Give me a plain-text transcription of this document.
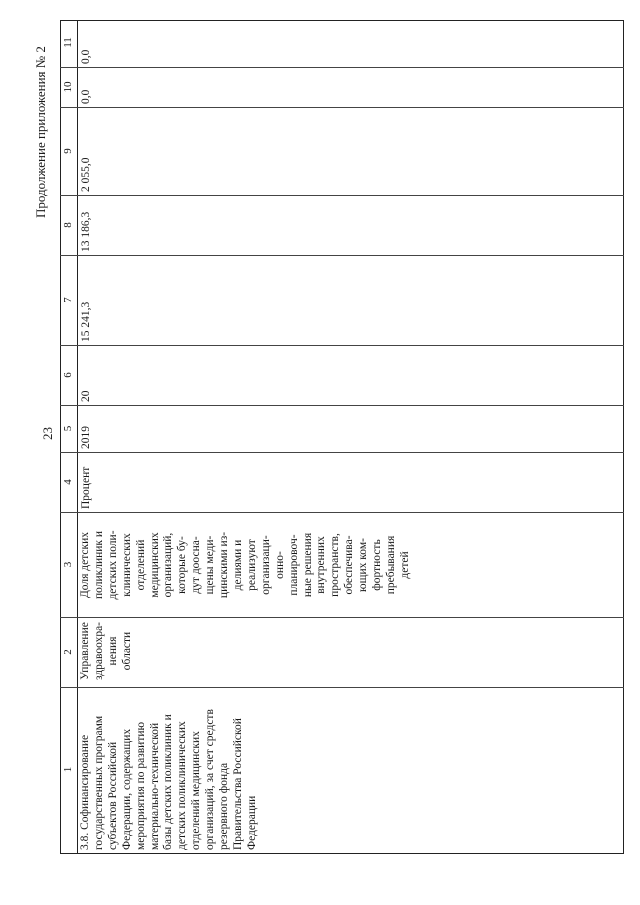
23
Продолжение приложения № 2
11
10
9
8
7
6
5
4
3
2
1
0,0
0,0
2 055,0
13 186,3
15 241,3
20
2019
Процент
Доля детских
поликлиник и
детских поли-
клинических
отделений
медицинских
организаций,
которые бу-
дут доосна-
щены меди-
цинскими из-
делиями и
реализуют
организаци-
онно-
планировоч-
ные решения
внутренних
пространств,
обеспечива-
ющих ком-
фортность
пребывания
детей
Управление
здравоохра-
нения
области
3.8. Софинансирование
государственных программ
субъектов Российской
Федерации, содержащих
мероприятия по развитию
материально-технической
базы детских поликлиник и
детских поликлинических
отделений медицинских
организаций, за счет средств
резервного фонда
Правительства Российской
Федерации
